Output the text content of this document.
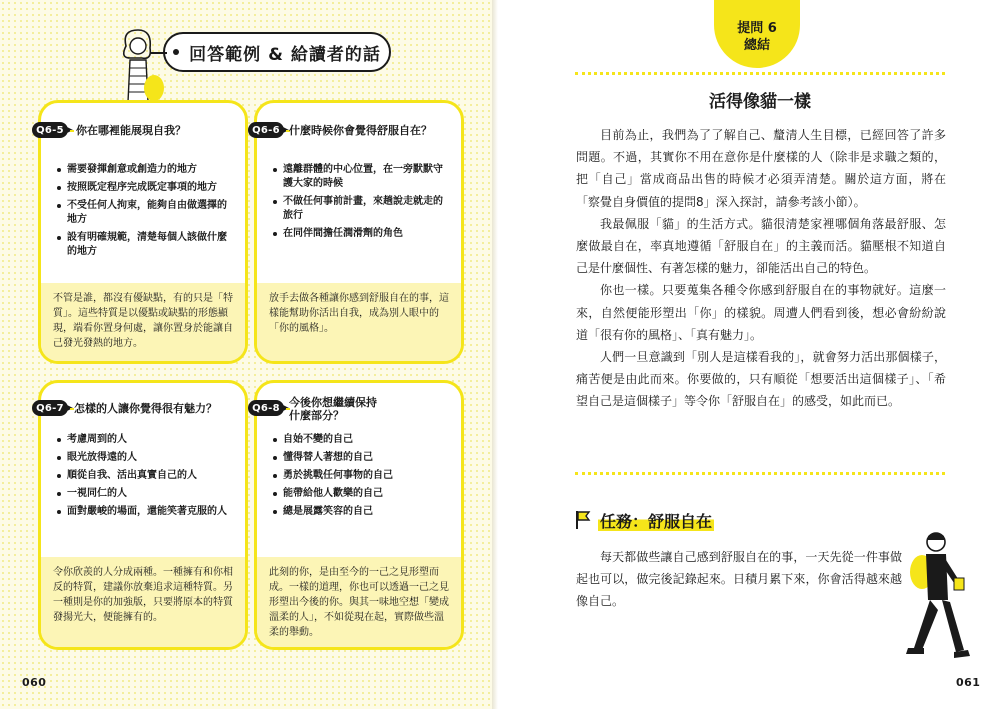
回答範例 & 給讀者的話
需要發揮創意或創造力的地方
按照既定程序完成既定事項的地方
不受任何人拘束，能夠自由做選擇的地方
設有明確規範，清楚每個人該做什麼的地方
不管是誰，都沒有優缺點，有的只是「特質」。這些特質是以優點或缺點的形態顯現，端看你置身何處，讓你置身於能讓自己發光發熱的地方。
Q6-5	你在哪裡能展現自我？
遠離群體的中心位置，在一旁默默守護大家的時候
不做任何事前計畫，來趟說走就走的旅行
在同伴間擔任潤滑劑的角色
放手去做各種讓你感到舒服自在的事，這樣能幫助你活出自我，成為別人眼中的「你的風格」。
Q6-6 什麼時候你會覺得舒服自在？
考慮周到的人
眼光放得遠的人
順從自我、活出真實自己的人
一視同仁的人
面對嚴峻的場面，還能笑著克服的人
令你欣羨的人分成兩種。一種擁有和你相反的特質，建議你放棄追求這種特質。另一種則是你的加強版，只要將原本的特質發揚光大，便能擁有的。
Q6-7 怎樣的人讓你覺得很有魅力？
自始不變的自己
懂得替人著想的自己
勇於挑戰任何事物的自己
能帶給他人歡樂的自己
總是展露笑容的自己
此刻的你，是由至今的一己之見形塑而成。一樣的道理，你也可以透過一己之見形塑出今後的你。與其一味地空想「變成溫柔的人」，不如從現在起，實際做些溫柔的舉動。
Q6-8 今後你想繼續保持
什麼部分？
提問 6
總結
活得像貓一樣

目前為止，我們為了了解自己、釐清人生目標，已經回答了許多問題。不過，其實你不用在意你是什麼樣的人（除非是求職之類的，把「自己」當成商品出售的時候才必須弄清楚。關於這方面，將在「察覺自身價值的提問8」深入探討，請參考該小節）。

我最佩服「貓」的生活方式。貓很清楚家裡哪個角落最舒服、怎麼做最自在，率真地遵循「舒服自在」的主義而活。貓壓根不知道自己是什麼個性、有著怎樣的魅力，卻能活出自己的特色。

你也一樣。只要蒐集各種令你感到舒服自在的事物就好。這麼一來，自然便能形塑出「你」的樣貌。周遭人們看到後，想必會紛紛說道「很有你的風格」、「真有魅力」。

人們一旦意識到「別人是這樣看我的」，就會努力活出那個樣子，痛苦便是由此而來。你要做的，只有順從「想要活出這個樣子」、「希望自己是這個樣子」等令你「舒服自在」的感受，如此而已。

任務：舒服自在

每天都做些讓自己感到舒服自在的事，一天先從一件事做起也可以，做完後記錄起來。日積月累下來，你會活得越來越像自己。

060	061
